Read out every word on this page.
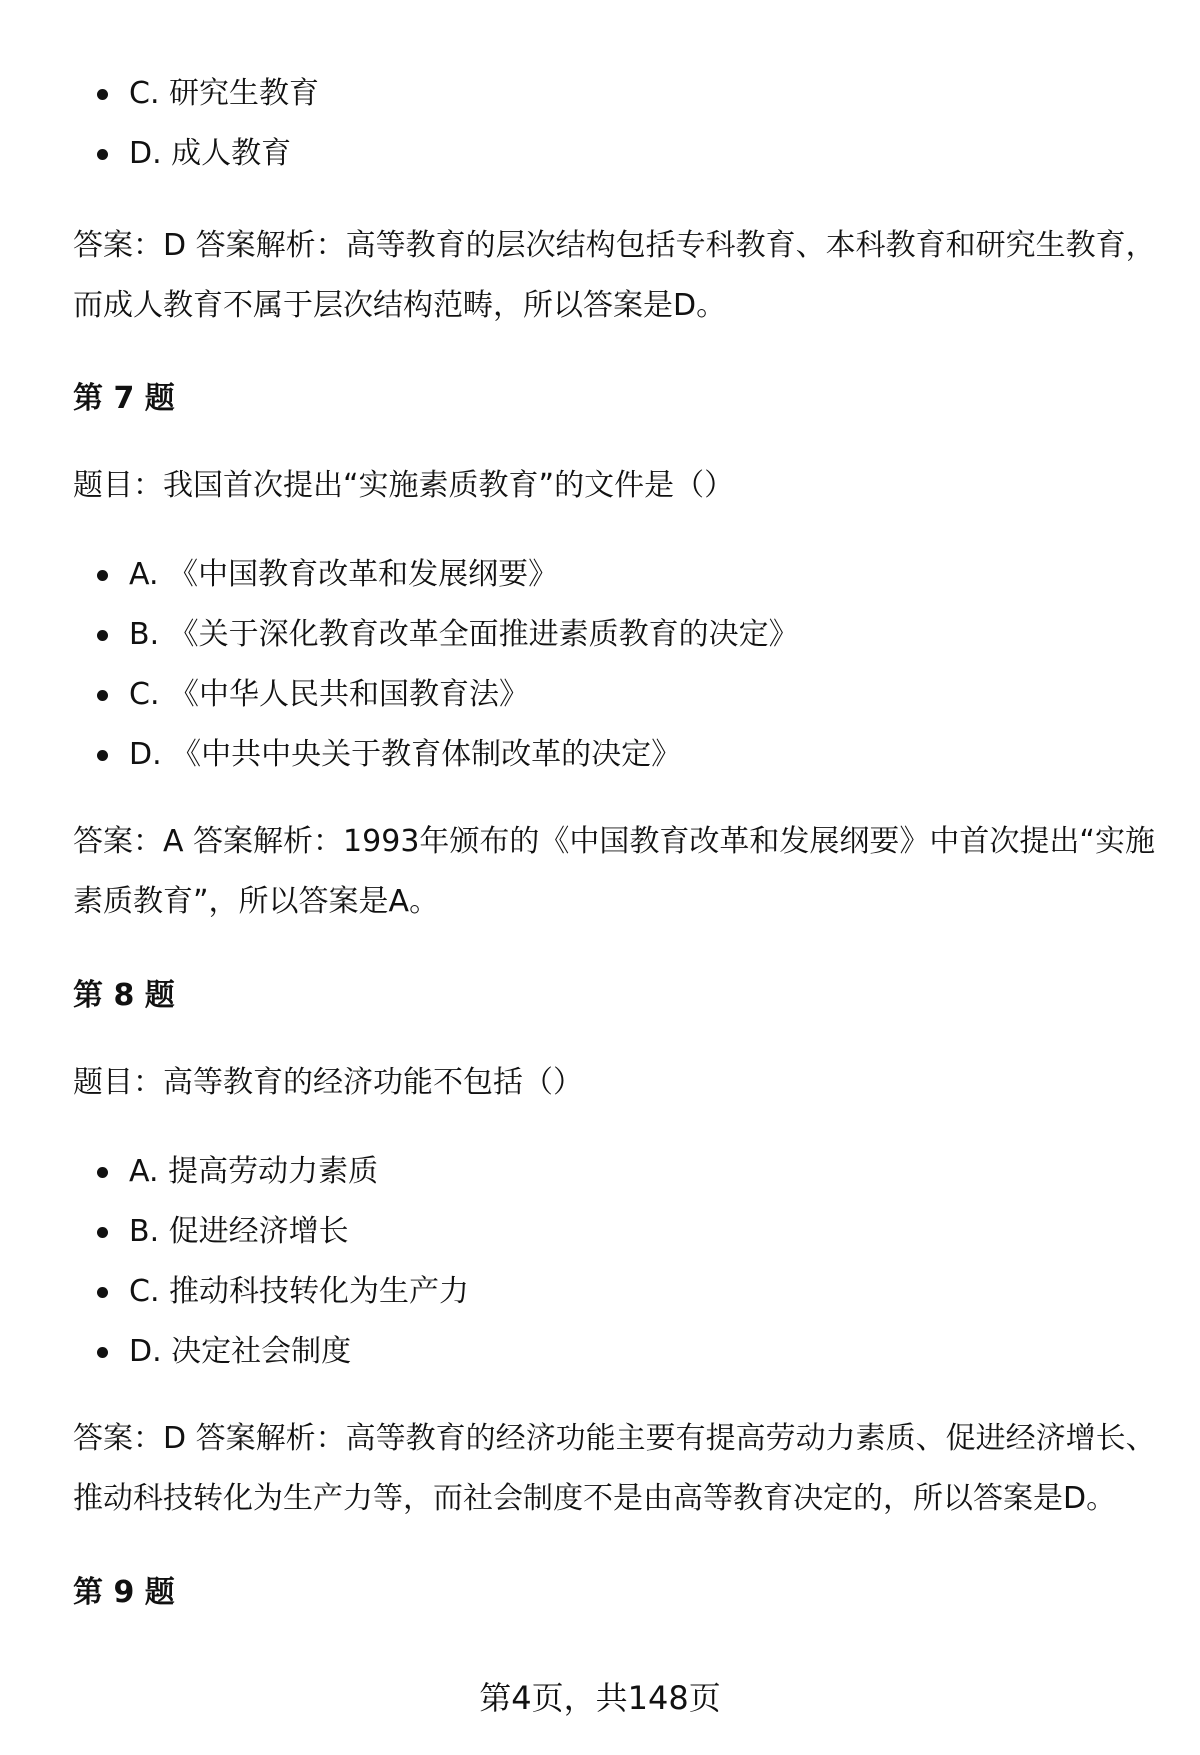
C. 研究生教育
D. 成人教育
答案：D 答案解析：高等教育的层次结构包括专科教育、本科教育和研究生教育，
而成人教育不属于层次结构范畴，所以答案是D。
第 7 题
题目：我国首次提出“实施素质教育”的文件是（）
A. 《中国教育改革和发展纲要》
B. 《关于深化教育改革全面推进素质教育的决定》
C. 《中华人民共和国教育法》
D. 《中共中央关于教育体制改革的决定》
答案：A 答案解析：1993年颁布的《中国教育改革和发展纲要》中首次提出“实施
素质教育”，所以答案是A。
第 8 题
题目：高等教育的经济功能不包括（）
A. 提高劳动力素质
B. 促进经济增长
C. 推动科技转化为生产力
D. 决定社会制度
答案：D 答案解析：高等教育的经济功能主要有提高劳动力素质、促进经济增长、
推动科技转化为生产力等，而社会制度不是由高等教育决定的，所以答案是D。
第 9 题
第4页，共148页
